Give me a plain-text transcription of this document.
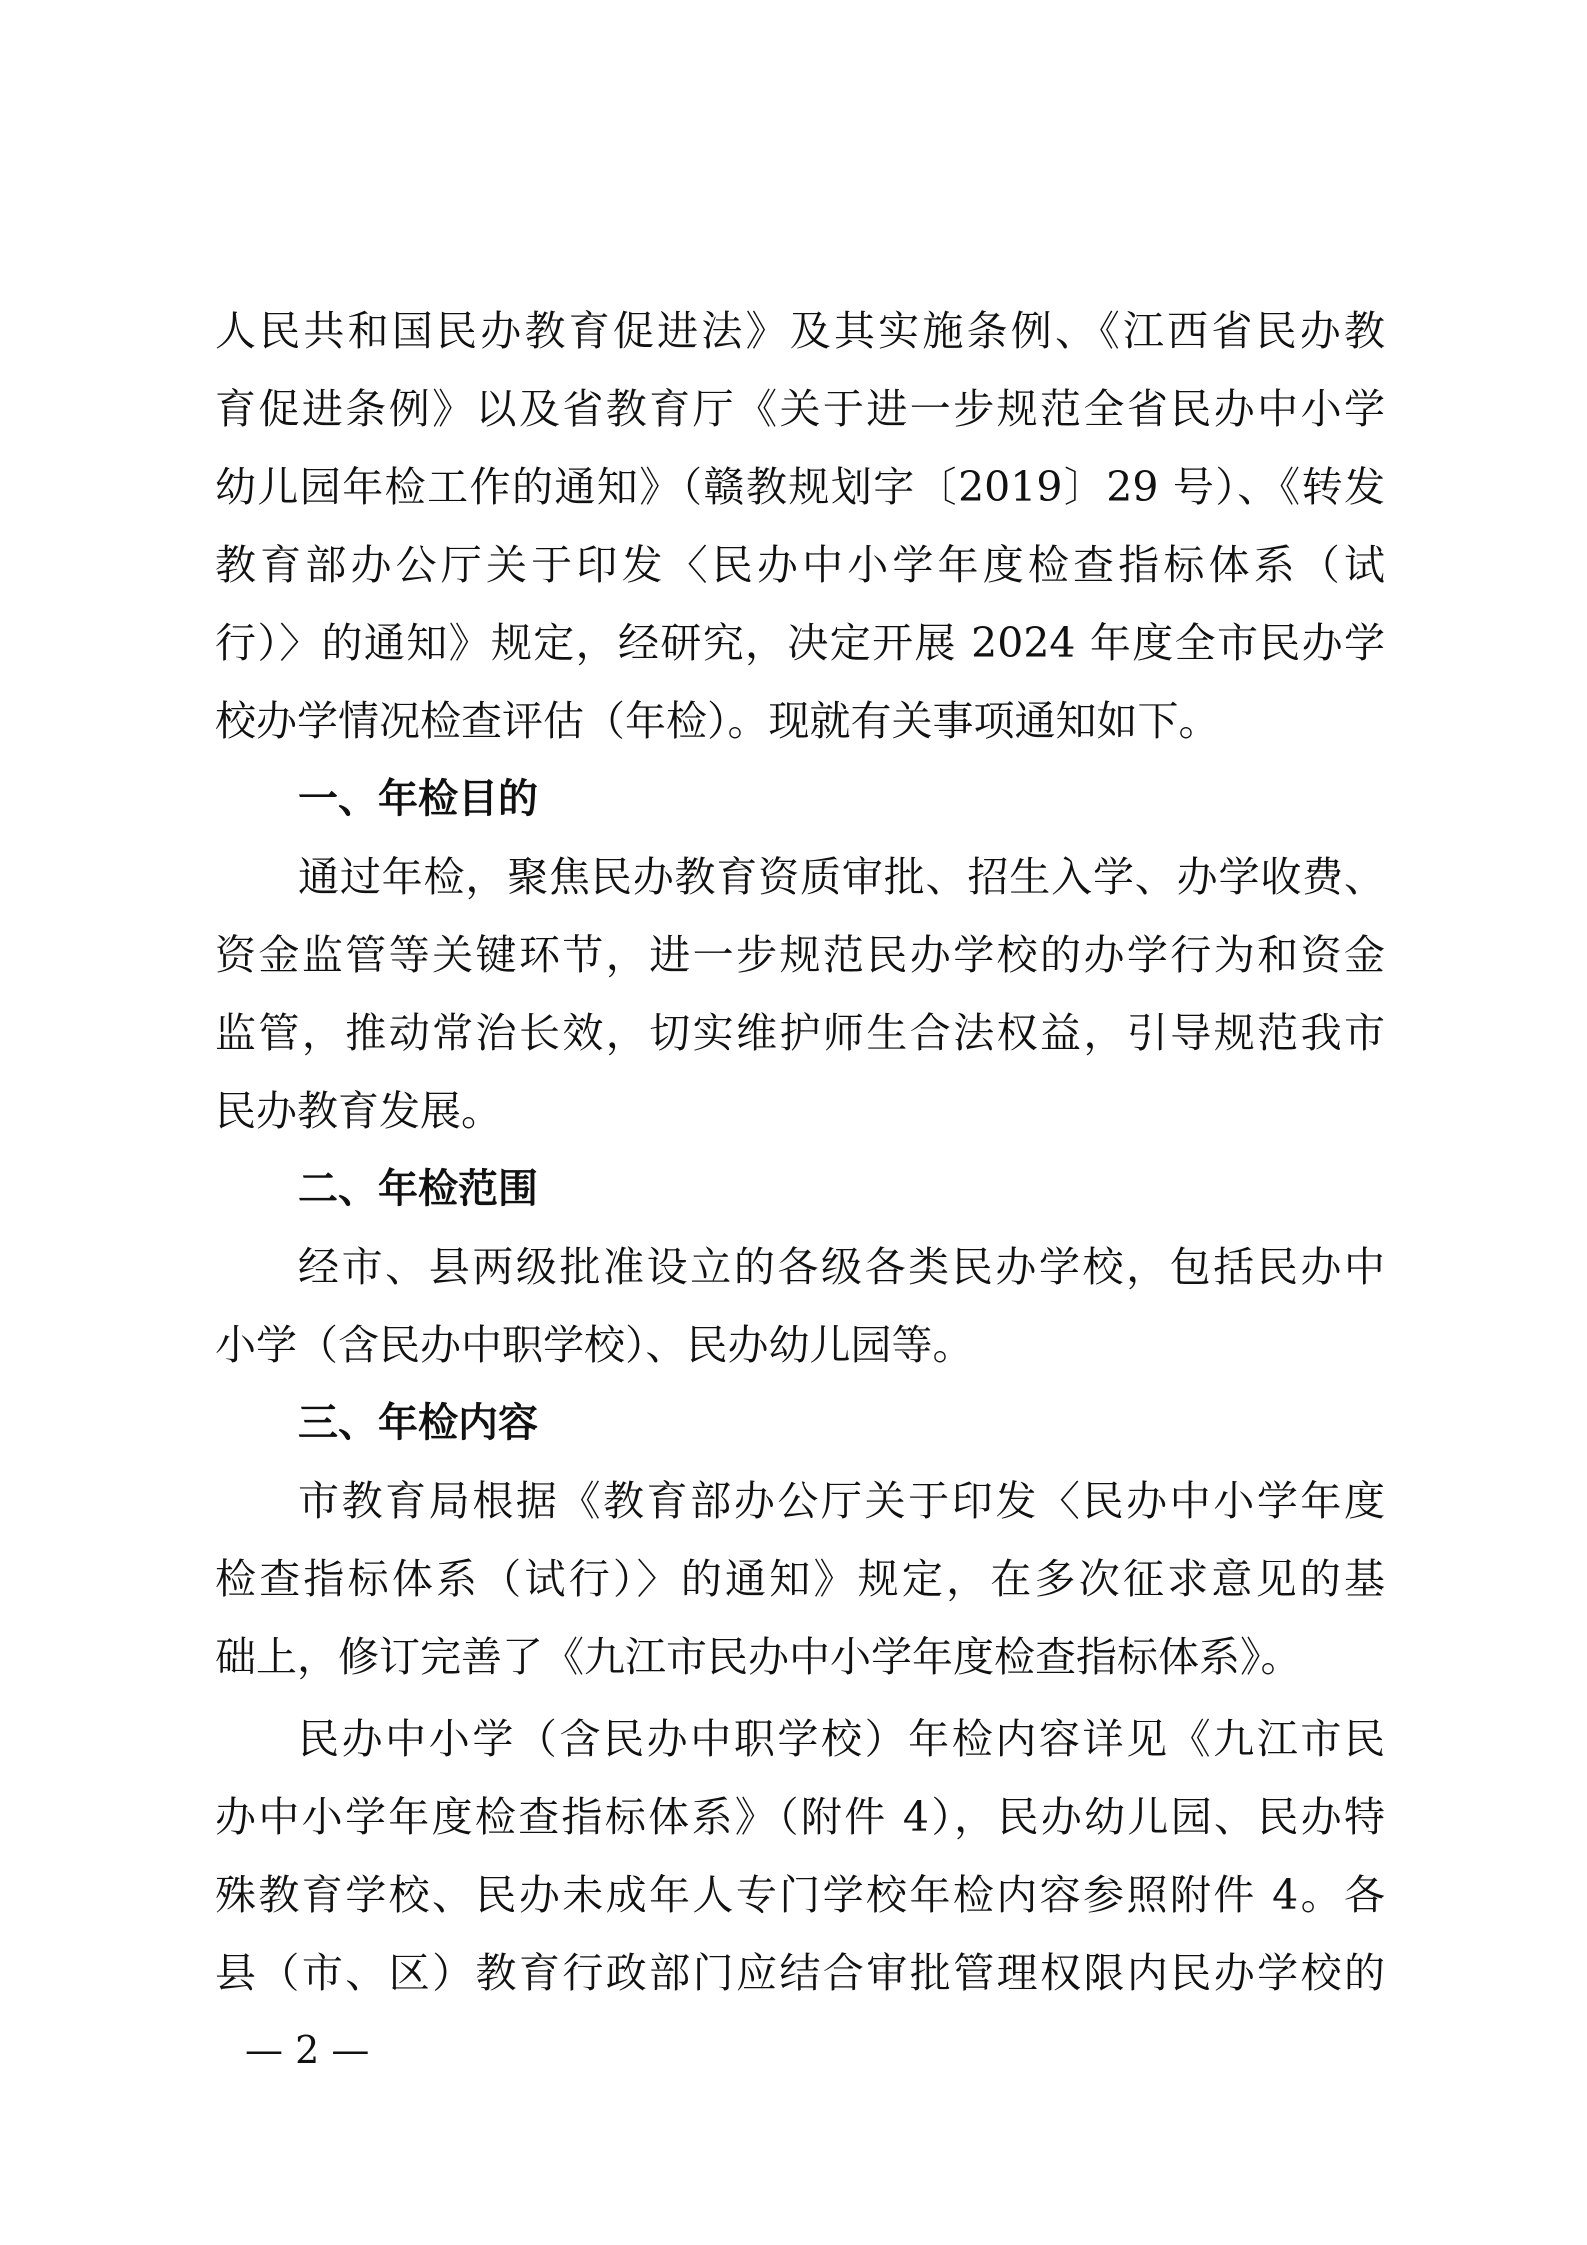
人民共和国民办教育促进法》及其实施条例、《江西省民办教
育促进条例》以及省教育厅《关于进一步规范全省民办中小学
幼儿园年检工作的通知》（赣教规划字〔2019〕29 号）、《转发
教育部办公厅关于印发〈民办中小学年度检查指标体系（试
行）〉的通知》规定，经研究，决定开展 2024 年度全市民办学
校办学情况检查评估（年检）。现就有关事项通知如下。
一、年检目的
通过年检，聚焦民办教育资质审批、招生入学、办学收费、
资金监管等关键环节，进一步规范民办学校的办学行为和资金
监管，推动常治长效，切实维护师生合法权益，引导规范我市
民办教育发展。
二、年检范围
经市、县两级批准设立的各级各类民办学校，包括民办中
小学（含民办中职学校）、民办幼儿园等。
三、年检内容
市教育局根据《教育部办公厅关于印发〈民办中小学年度
检查指标体系（试行）〉的通知》规定，在多次征求意见的基
础上，修订完善了《九江市民办中小学年度检查指标体系》。
民办中小学（含民办中职学校）年检内容详见《九江市民
办中小学年度检查指标体系》（附件 4），民办幼儿园、民办特
殊教育学校、民办未成年人专门学校年检内容参照附件 4。各
县（市、区）教育行政部门应结合审批管理权限内民办学校的
— 2 —
